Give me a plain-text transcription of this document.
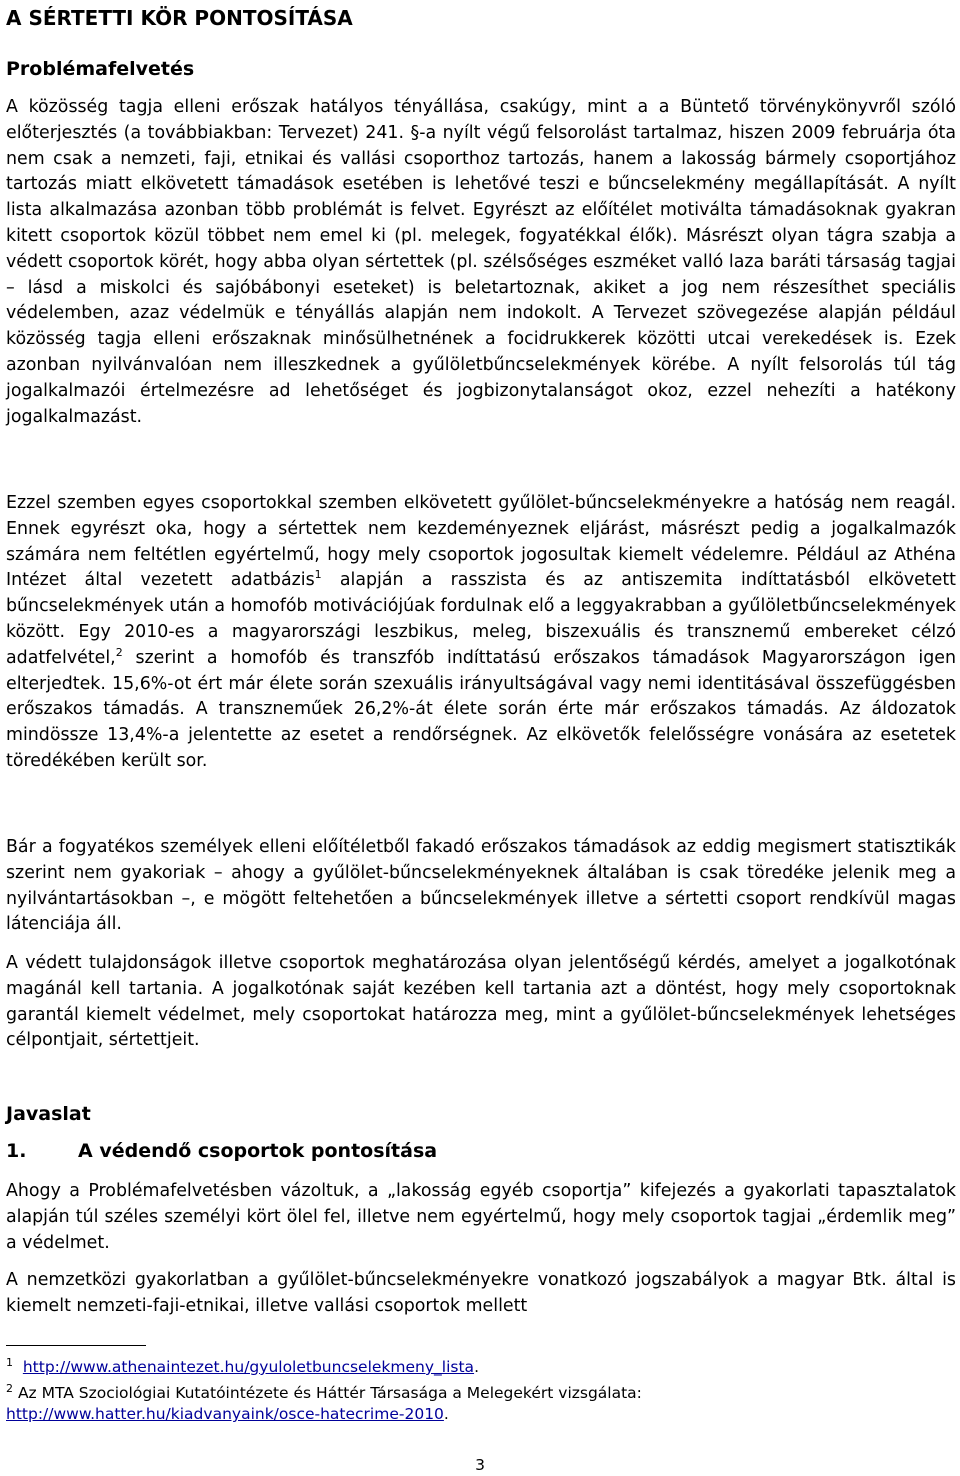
A SÉRTETTI KÖR PONTOSÍTÁSA
Problémafelvetés

A közösség tagja elleni erőszak hatályos tényállása, csakúgy, mint a a Büntető törvénykönyvről szóló előterjesztés (a továbbiakban: Tervezet) 241. §-a nyílt végű felsorolást tartalmaz, hiszen 2009 februárja óta nem csak a nemzeti, faji, etnikai és vallási csoporthoz tartozás, hanem a lakosság bármely csoportjához tartozás miatt elkövetett támadások esetében is lehetővé teszi e bűncselekmény megállapítását. A nyílt lista alkalmazása azonban több problémát is felvet. Egyrészt az előítélet motiválta támadásoknak gyakran kitett csoportok közül többet nem emel ki (pl. melegek, fogyatékkal élők). Másrészt olyan tágra szabja a védett csoportok körét, hogy abba olyan sértettek (pl. szélsőséges eszméket valló laza baráti társaság tagjai – lásd a miskolci és sajóbábonyi eseteket) is beletartoznak, akiket a jog nem részesíthet speciális védelemben, azaz védelmük e tényállás alapján nem indokolt. A Tervezet szövegezése alapján például közösség tagja elleni erőszaknak minősülhetnének a focidrukkerek közötti utcai verekedések is. Ezek azonban nyilvánvalóan nem illeszkednek a gyűlöletbűncselekmények körébe. A nyílt felsorolás túl tág jogalkalmazói értelmezésre ad lehetőséget és jogbizonytalanságot okoz, ezzel nehezíti a hatékony jogalkalmazást.

Ezzel szemben egyes csoportokkal szemben elkövetett gyűlölet-bűncselekményekre a hatóság nem reagál. Ennek egyrészt oka, hogy a sértettek nem kezdeményeznek eljárást, másrészt pedig a jogalkalmazók számára nem feltétlen egyértelmű, hogy mely csoportok jogosultak kiemelt védelemre. Például az Athéna Intézet által vezetett adatbázis$^1$ alapján a rasszista és az antiszemita indíttatásból elkövetett bűncselekmények után a homofób motivációjúak fordulnak elő a leggyakrabban a gyűlöletbűncselekmények között. Egy 2010-es a magyarországi leszbikus, meleg, biszexuális és transznemű embereket célzó adatfelvétel,$^2$ szerint a homofób és transzfób indíttatású erőszakos támadások Magyarországon igen elterjedtek. 15,6%-ot ért már élete során szexuális irányultságával vagy nemi identitásával összefüggésben erőszakos támadás. A transzneműek 26,2%-át élete során érte már erőszakos támadás. Az áldozatok mindössze 13,4%-a jelentette az esetet a rendőrségnek. Az elkövetők felelősségre vonására az esetetek töredékében került sor.

Bár a fogyatékos személyek elleni előítéletből fakadó erőszakos támadások az eddig megismert statisztikák szerint nem gyakoriak – ahogy a gyűlölet-bűncselekményeknek általában is csak töredéke jelenik meg a nyilvántartásokban –, e mögött feltehetően a bűncselekmények illetve a sértetti csoport rendkívül magas látenciája áll.

A védett tulajdonságok illetve csoportok meghatározása olyan jelentőségű kérdés, amelyet a jogalkotónak magánál kell tartania. A jogalkotónak saját kezében kell tartania azt a döntést, hogy mely csoportoknak garantál kiemelt védelmet, mely csoportokat határozza meg, mint a gyűlölet-bűncselekmények lehetséges célpontjait, sértettjeit.

Javaslat
1.	A védendő csoportok pontosítása

Ahogy a Problémafelvetésben vázoltuk, a „lakosság egyéb csoportja” kifejezés a gyakorlati tapasztalatok alapján túl széles személyi kört ölel fel, illetve nem egyértelmű, hogy mely csoportok tagjai „érdemlik meg” a védelmet.

A nemzetközi gyakorlatban a gyűlölet-bűncselekményekre vonatkozó jogszabályok a magyar Btk. által is kiemelt nemzeti-faji-etnikai, illetve vallási csoportok mellett

$^1$ http://www.athenaintezet.hu/gyuloletbuncselekmeny_lista.

$^2$ Az MTA Szociológiai Kutatóintézete és Háttér Társasága a Melegekért vizsgálata:
http://www.hatter.hu/kiadvanyaink/osce-hatecrime-2010.

3
